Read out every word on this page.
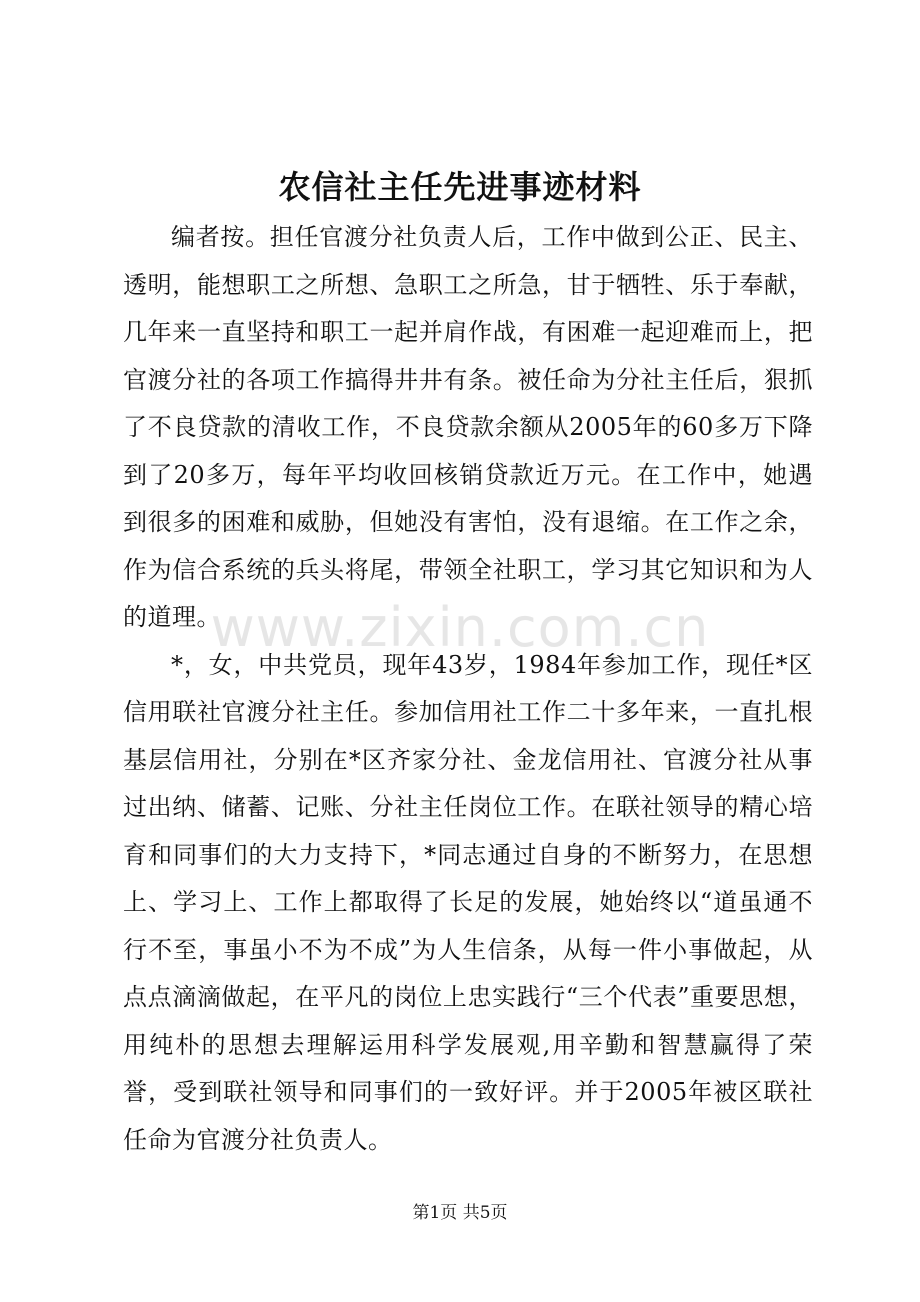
农信社主任先进事迹材料

编者按。担任官渡分社负责人后，工作中做到公正、民主、透明，能想职工之所想、急职工之所急，甘于牺牲、乐于奉献，几年来一直坚持和职工一起并肩作战，有困难一起迎难而上，把官渡分社的各项工作搞得井井有条。被任命为分社主任后，狠抓了不良贷款的清收工作，不良贷款余额从2005年的60多万下降到了20多万，每年平均收回核销贷款近万元。在工作中，她遇到很多的困难和威胁，但她没有害怕，没有退缩。在工作之余，作为信合系统的兵头将尾，带领全社职工，学习其它知识和为人的道理。

*，女，中共党员，现年43岁，1984年参加工作，现任*区信用联社官渡分社主任。参加信用社工作二十多年来，一直扎根基层信用社，分别在*区齐家分社、金龙信用社、官渡分社从事过出纳、储蓄、记账、分社主任岗位工作。在联社领导的精心培育和同事们的大力支持下，*同志通过自身的不断努力，在思想上、学习上、工作上都取得了长足的发展，她始终以“道虽通不行不至，事虽小不为不成”为人生信条，从每一件小事做起，从点点滴滴做起，在平凡的岗位上忠实践行“三个代表”重要思想，用纯朴的思想去理解运用科学发展观,用辛勤和智慧赢得了荣誉，受到联社领导和同事们的一致好评。并于2005年被区联社任命为官渡分社负责人。

www.zixin.com.cn
第1页 共5页
